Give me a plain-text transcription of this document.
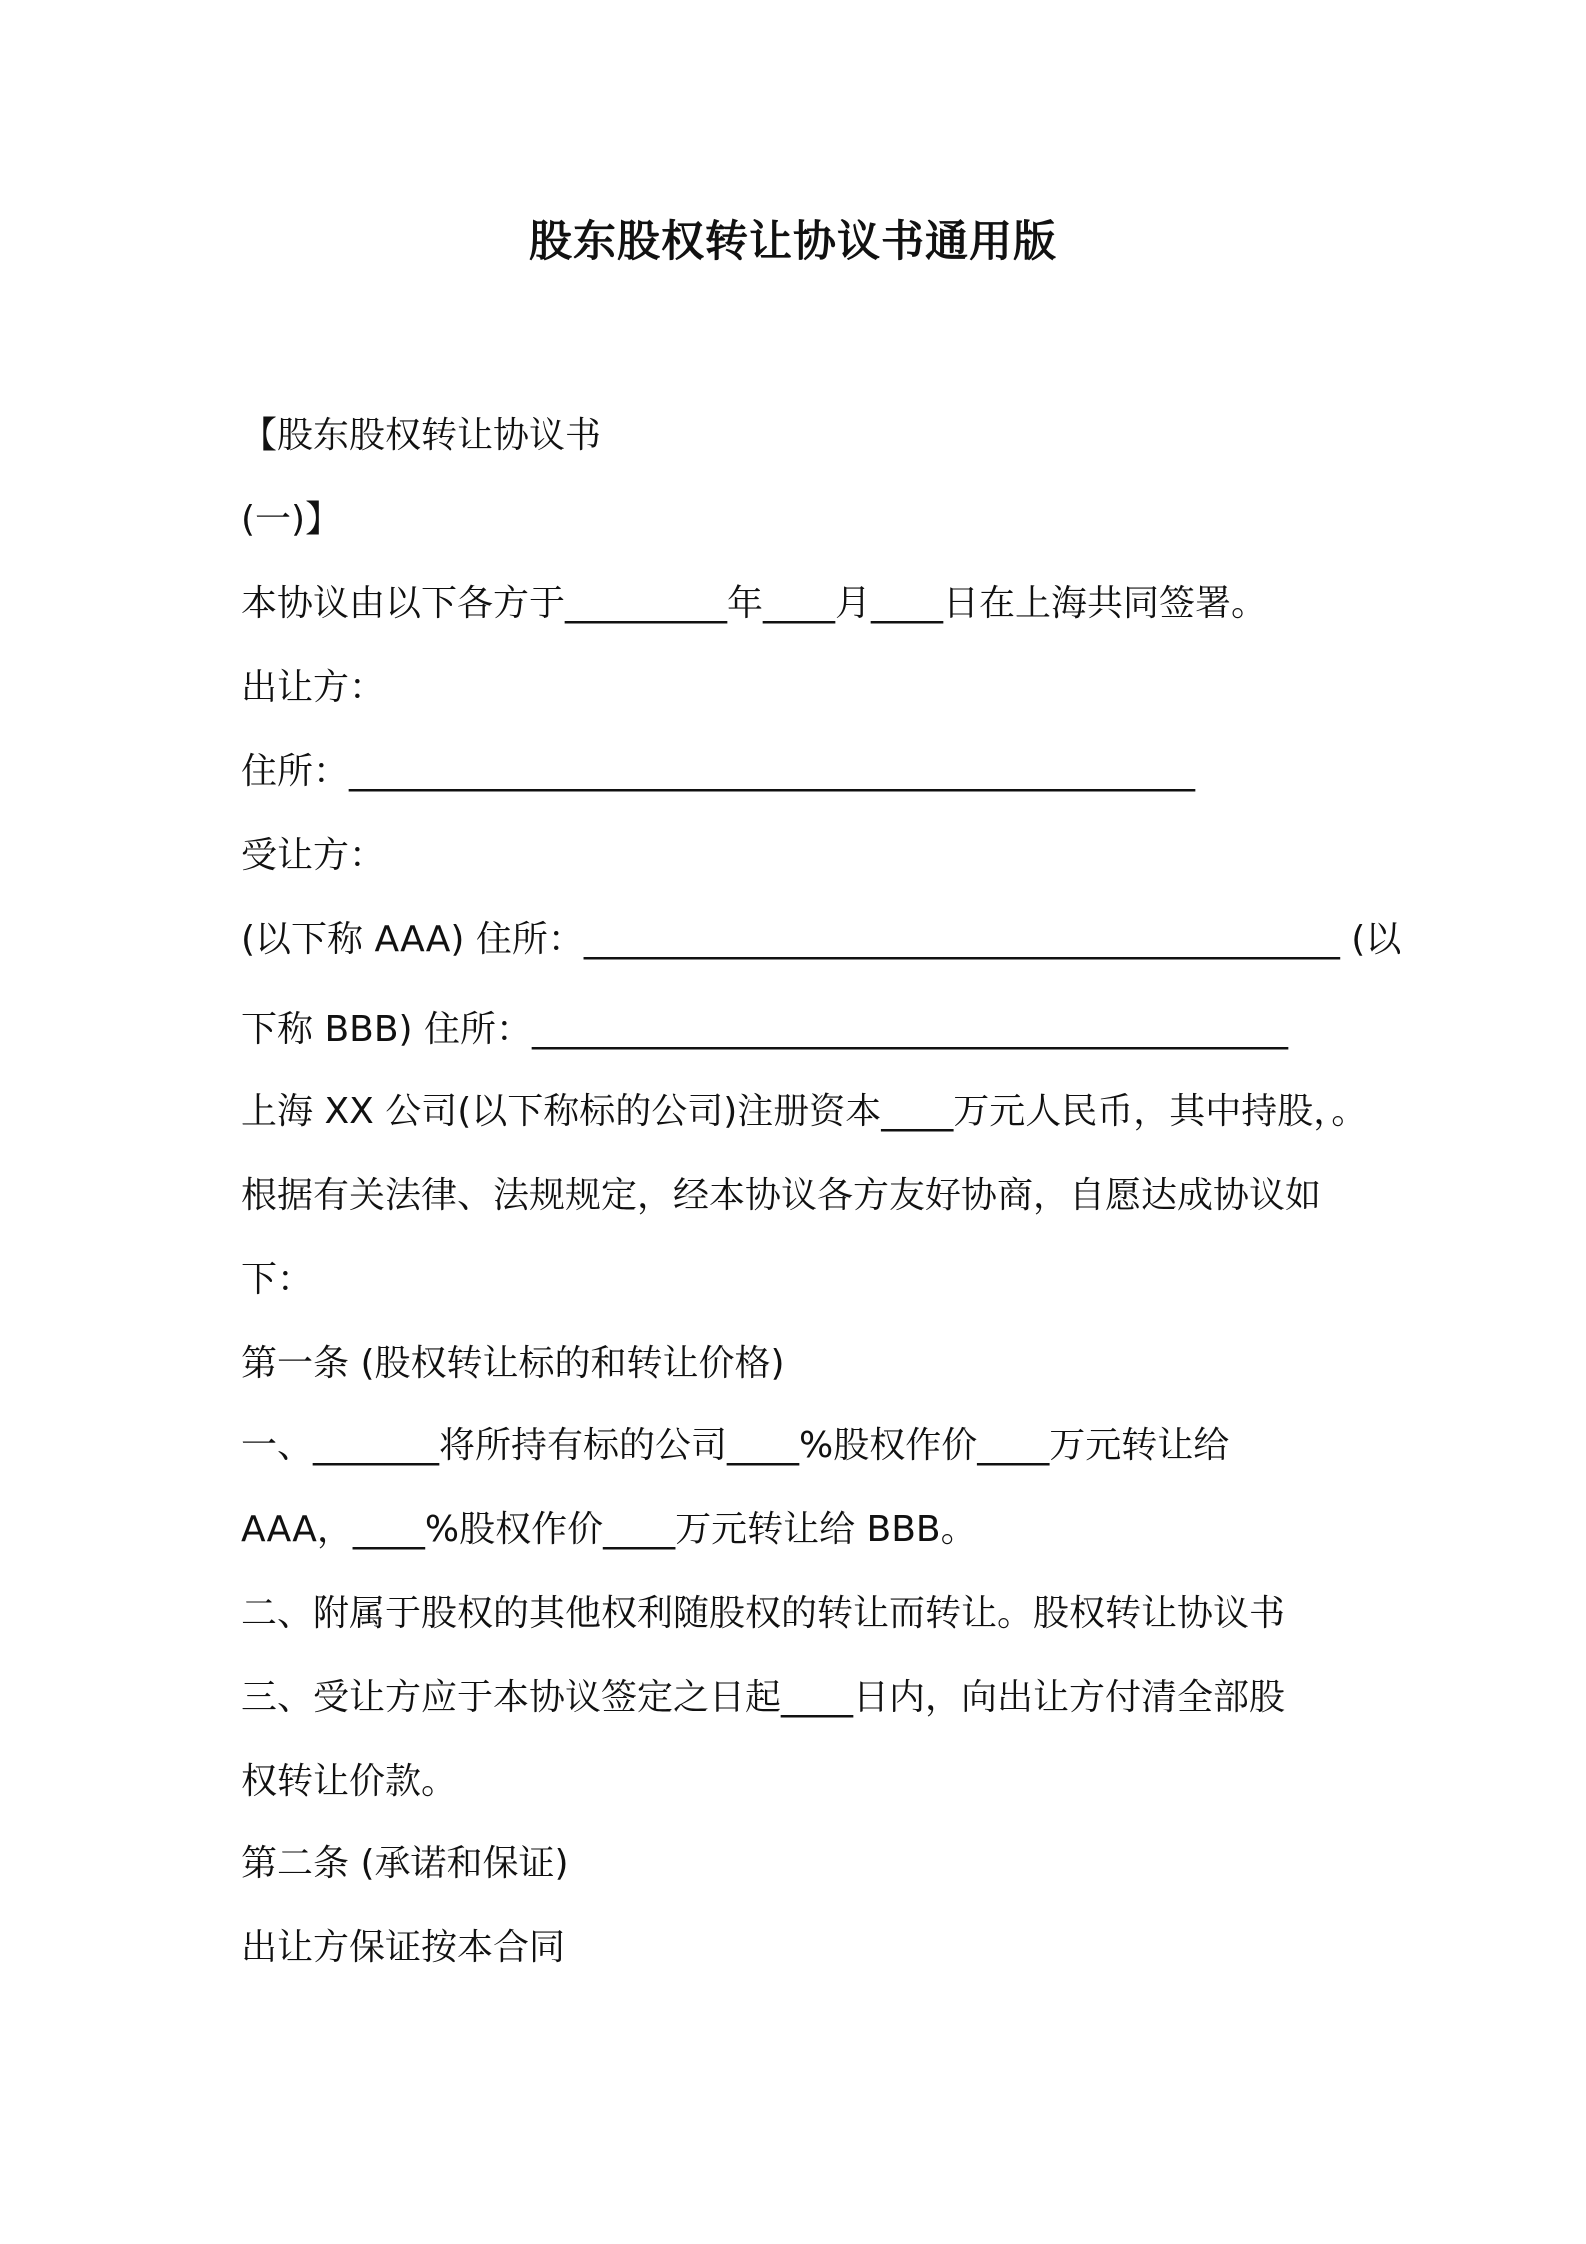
股东股权转让协议书通用版
【股东股权转让协议书
(一)】
本协议由以下各方于_________年____月____日在上海共同签署。
出让方：
住所：_______________________________________________
受让方：
(以下称 AAA) 住所：__________________________________________ (以
下称 BBB) 住所：__________________________________________
上海 XX 公司(以下称标的公司)注册资本____万元人民币，其中持股，。
根据有关法律、法规规定，经本协议各方友好协商，自愿达成协议如
下：
第一条 (股权转让标的和转让价格)
一、_______将所持有标的公司____%股权作价____万元转让给
AAA，____%股权作价____万元转让给 BBB。
二、附属于股权的其他权利随股权的转让而转让。股权转让协议书
三、受让方应于本协议签定之日起____日内，向出让方付清全部股
权转让价款。
第二条 (承诺和保证)
出让方保证按本合同
